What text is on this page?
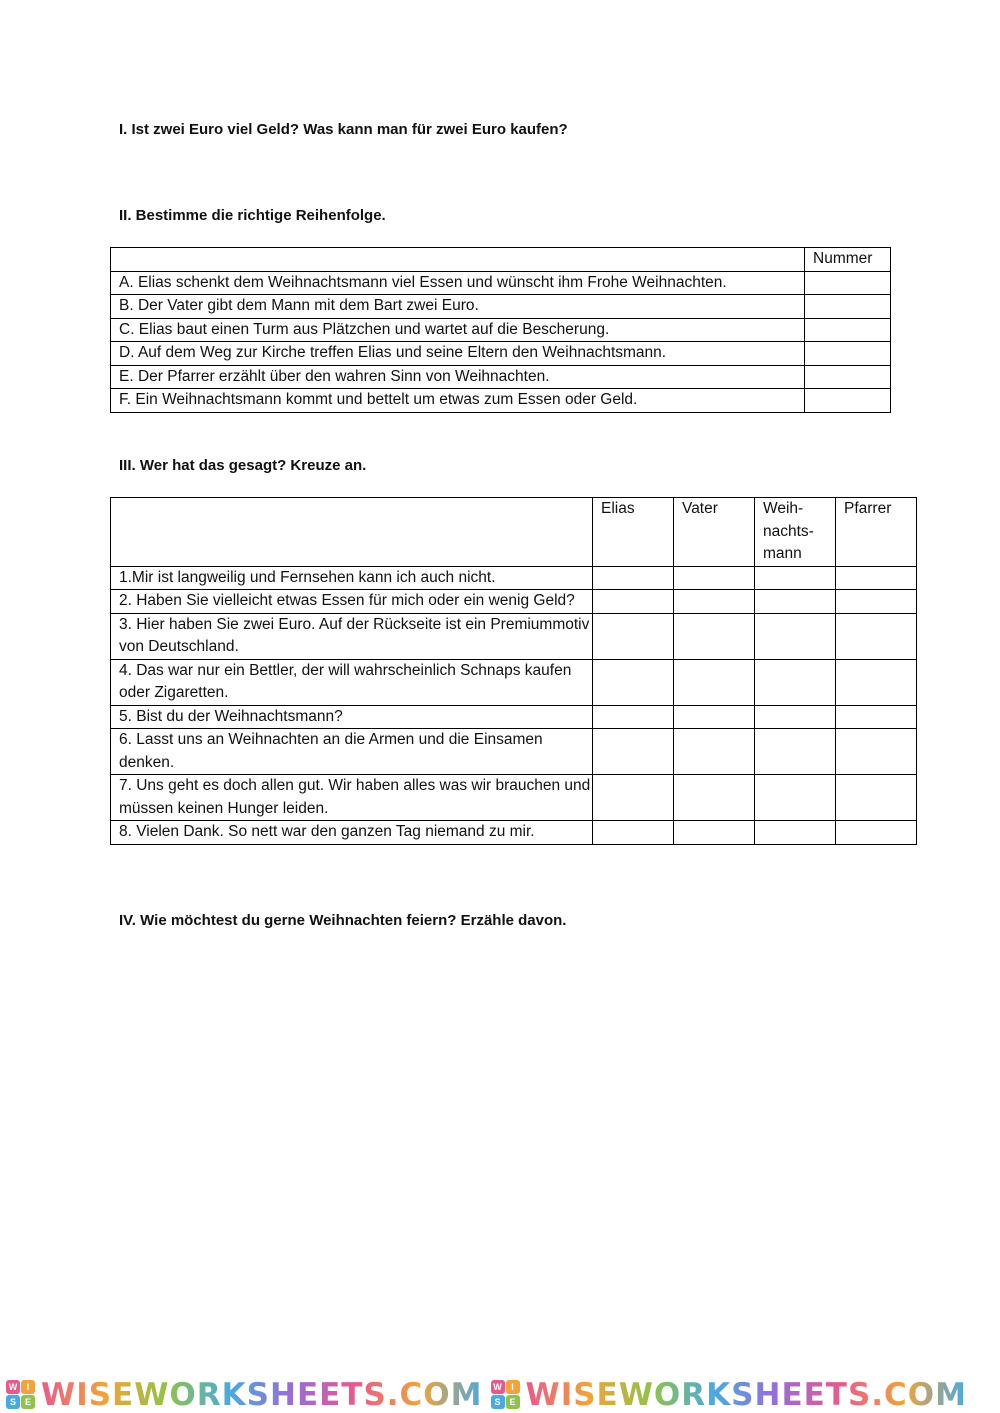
I. Ist zwei Euro viel Geld? Was kann man für zwei Euro kaufen?
II. Bestimme die richtige Reihenfolge.
	Nummer
A. Elias schenkt dem Weihnachtsmann viel Essen und wünscht ihm Frohe Weihnachten.	
B. Der Vater gibt dem Mann mit dem Bart zwei Euro.	
C. Elias baut einen Turm aus Plätzchen und wartet auf die Bescherung.	
D. Auf dem Weg zur Kirche treffen Elias und seine Eltern den Weihnachtsmann.	
E. Der Pfarrer erzählt über den wahren Sinn von Weihnachten.	
F. Ein Weihnachtsmann kommt und bettelt um etwas zum Essen oder Geld.	
III. Wer hat das gesagt? Kreuze an.
	Elias	Vater	Weih-
nachts-
mann	Pfarrer
1.Mir ist langweilig und Fernsehen kann ich auch nicht.				
2. Haben Sie vielleicht etwas Essen für mich oder ein wenig Geld?				
3. Hier haben Sie zwei Euro. Auf der Rückseite ist ein Premiummotiv von Deutschland.				
4. Das war nur ein Bettler, der will wahrscheinlich Schnaps kaufen oder Zigaretten.				
5. Bist du der Weihnachtsmann?				
6. Lasst uns an Weihnachten an die Armen und die Einsamen denken.				
7. Uns geht es doch allen gut. Wir haben alles was wir brauchen und müssen keinen Hunger leiden.				
8. Vielen Dank. So nett war den ganzen Tag niemand zu mir.				
IV. Wie möchtest du gerne Weihnachten feiern? Erzähle davon.
W	I
S E WISEWORKSHEETS.COM	W	I
S E WISEWORKSHEETS.COM
